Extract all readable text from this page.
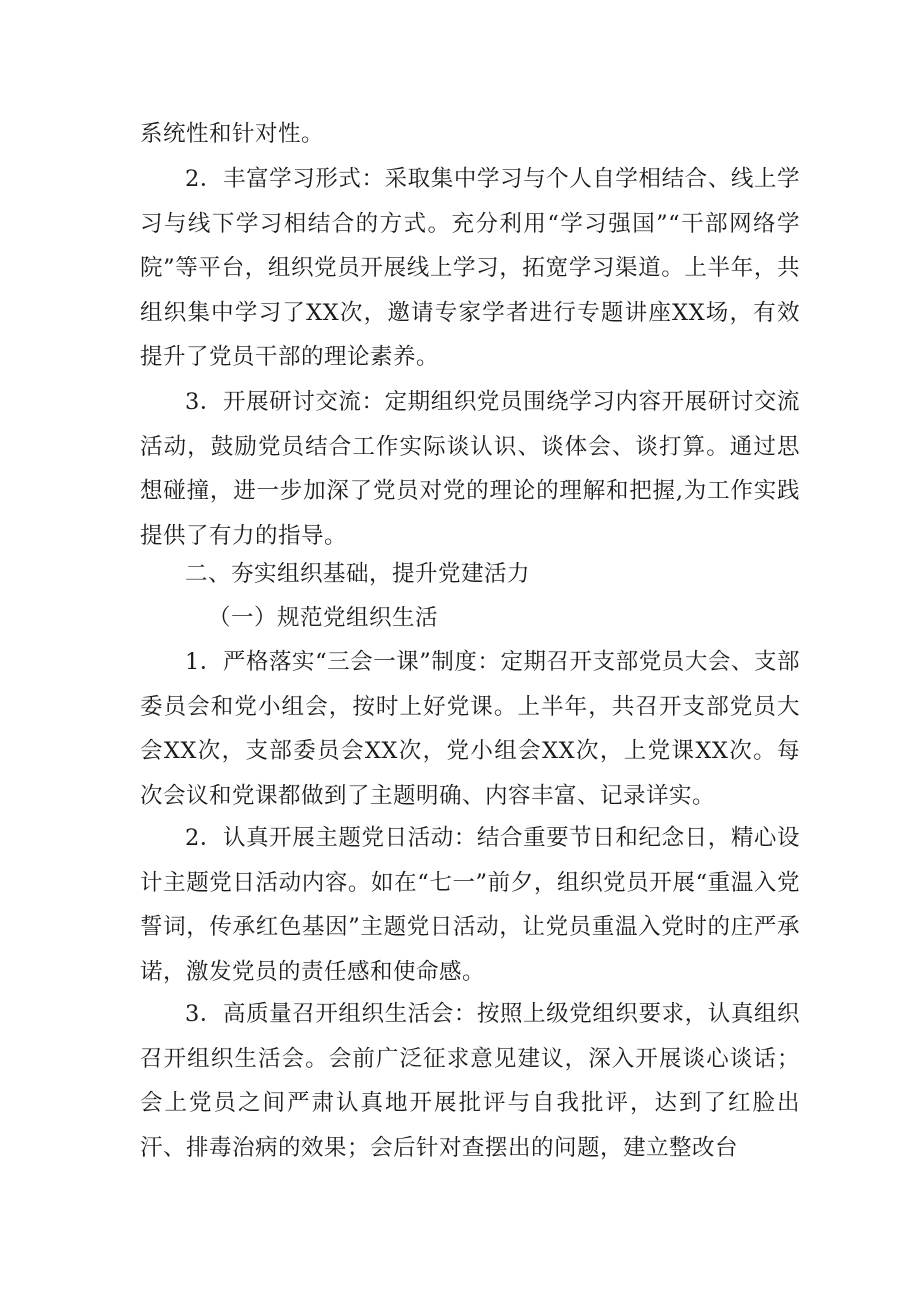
系统性和针对性。

2．丰富学习形式：采取集中学习与个人自学相结合、线上学习与线下学习相结合的方式。充分利用“学习强国”“干部网络学院”等平台，组织党员开展线上学习，拓宽学习渠道。上半年，共组织集中学习了XX次，邀请专家学者进行专题讲座XX场，有效提升了党员干部的理论素养。

3．开展研讨交流：定期组织党员围绕学习内容开展研讨交流活动，鼓励党员结合工作实际谈认识、谈体会、谈打算。通过思想碰撞，进一步加深了党员对党的理论的理解和把握,为工作实践提供了有力的指导。

二、夯实组织基础，提升党建活力

（一）规范党组织生活

1．严格落实“三会一课”制度：定期召开支部党员大会、支部委员会和党小组会，按时上好党课。上半年，共召开支部党员大会XX次，支部委员会XX次，党小组会XX次，上党课XX次。每次会议和党课都做到了主题明确、内容丰富、记录详实。

2．认真开展主题党日活动：结合重要节日和纪念日，精心设计主题党日活动内容。如在“七一”前夕，组织党员开展“重温入党誓词，传承红色基因”主题党日活动，让党员重温入党时的庄严承诺，激发党员的责任感和使命感。

3．高质量召开组织生活会：按照上级党组织要求，认真组织召开组织生活会。会前广泛征求意见建议，深入开展谈心谈话；会上党员之间严肃认真地开展批评与自我批评，达到了红脸出汗、排毒治病的效果；会后针对查摆出的问题，建立整改台
